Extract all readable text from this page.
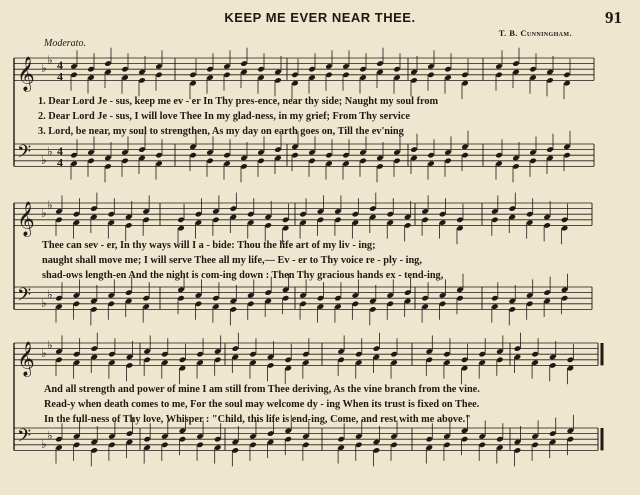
𝄞
𝄢
♭
♭
♭
♭
4
4
4
4
𝄞
𝄢
♭
♭
♭
♭
𝄞
𝄢
♭
♭
♭
♭
KEEP ME EVER NEAR THEE.
T. B. Cunningham.
91
Moderato.
1. Dear Lord Je - sus, keep me ev - er In Thy pres-ence, near thy side; Naught my soul from
2. Dear Lord Je - sus, I will love Thee In my glad-ness, in my grief; From Thy service
3. Lord, be near, my soul to strengthen, As my day on earth goes on, Till the ev'ning
Thee can sev - er, In thy ways will I a - bide: Thou the life art of my liv - ing;
naught shall move me; I will serve Thee all my life,— Ev - er to Thy voice re - ply - ing,
shad-ows length-en And the night is com-ing down : Then Thy gracious hands ex - tend-ing,
And all strength and power of mine I am still from Thee deriving, As the vine branch from the vine.
Read-y when death comes to me, For the soul may welcome dy - ing When its trust is fixed on Thee.
In the full-ness of Thy love, Whisper : "Child, this life is end-ing, Come, and rest with me above."
